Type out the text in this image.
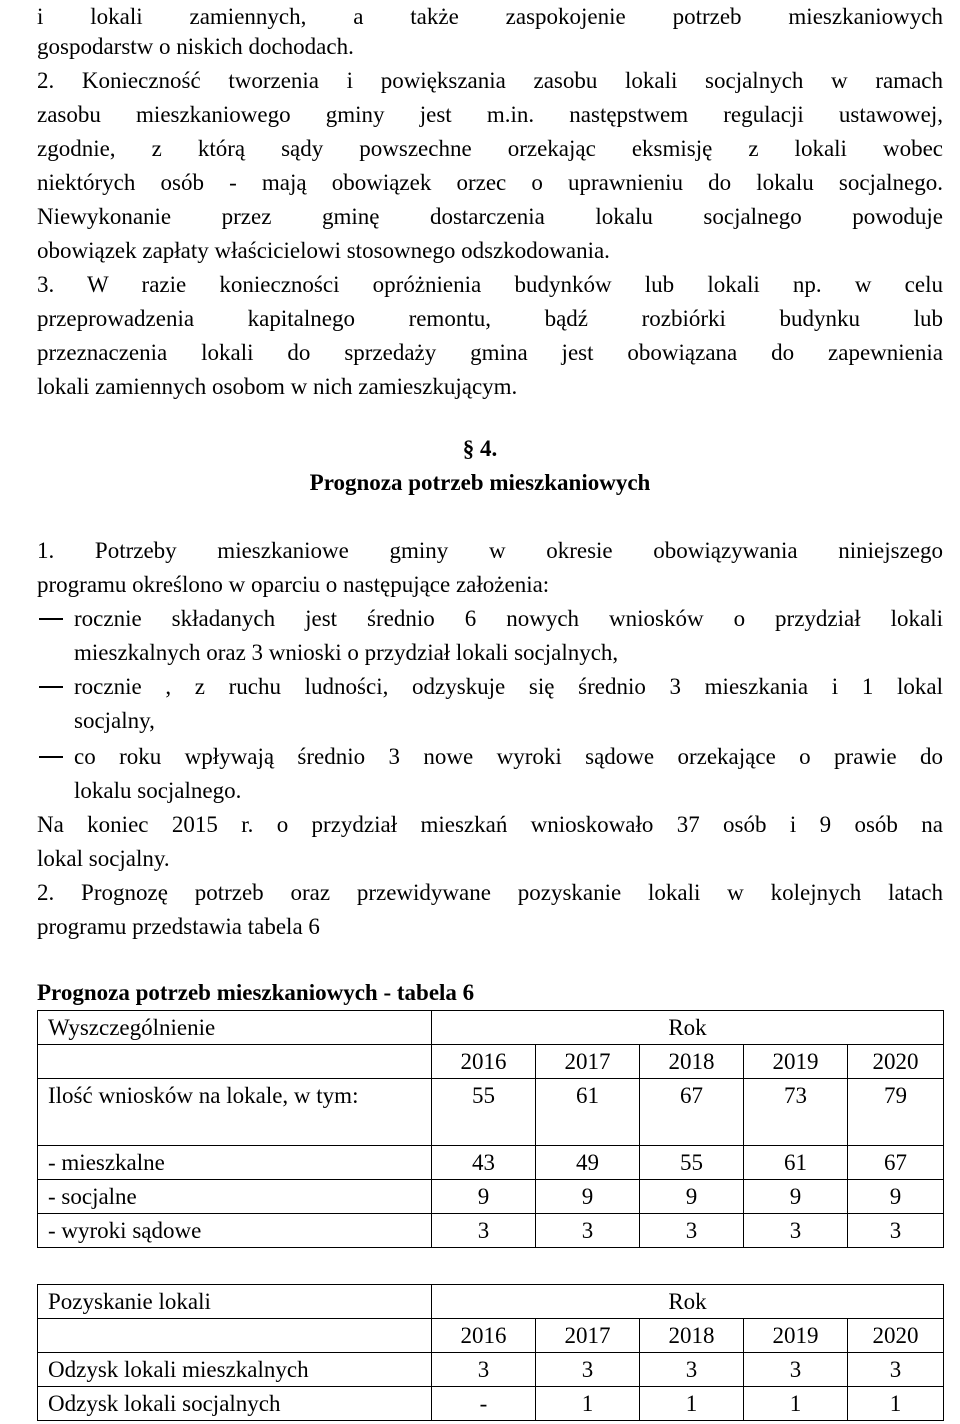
i lokali zamiennych, a także zaspokojenie potrzeb mieszkaniowych
gospodarstw o niskich dochodach.
2. Konieczność tworzenia i powiększania zasobu lokali socjalnych w ramach
zasobu mieszkaniowego gminy jest m.in. następstwem regulacji ustawowej,
zgodnie, z którą sądy powszechne orzekając eksmisję z lokali wobec
niektórych osób - mają obowiązek orzec o uprawnieniu do lokalu socjalnego.
Niewykonanie przez gminę dostarczenia lokalu socjalnego powoduje
obowiązek zapłaty właścicielowi stosownego odszkodowania.
3. W razie konieczności opróżnienia budynków lub lokali np. w celu
przeprowadzenia kapitalnego remontu, bądź rozbiórki budynku lub
przeznaczenia lokali do sprzedaży gmina jest obowiązana do zapewnienia
lokali zamiennych osobom w nich zamieszkującym.
§ 4.
Prognoza potrzeb mieszkaniowych
1. Potrzeby mieszkaniowe gminy w okresie obowiązywania niniejszego
programu określono w oparciu o następujące założenia:
rocznie składanych jest średnio 6 nowych wniosków o przydział lokali
mieszkalnych oraz 3 wnioski o przydział lokali socjalnych,
rocznie , z ruchu ludności, odzyskuje się średnio 3 mieszkania i 1 lokal
socjalny,
co roku wpływają średnio 3 nowe wyroki sądowe orzekające o prawie do
lokalu socjalnego.
Na koniec 2015 r. o przydział mieszkań wnioskowało 37 osób i 9 osób na
lokal socjalny.
2. Prognozę potrzeb oraz przewidywane pozyskanie lokali w kolejnych latach
programu przedstawia tabela 6
Prognoza potrzeb mieszkaniowych - tabela 6
Wyszczególnienie	Rok				
	2016	2017	2018	2019	2020
Ilość wniosków na lokale, w tym:	55	61	67	73	79
- mieszkalne	43	49	55	61	67
- socjalne	9	9	9	9	9
- wyroki sądowe	3	3	3	3	3
Pozyskanie lokali	Rok				
	2016	2017	2018	2019	2020
Odzysk lokali mieszkalnych	3	3	3	3	3
Odzysk lokali socjalnych	-	1	1	1	1
